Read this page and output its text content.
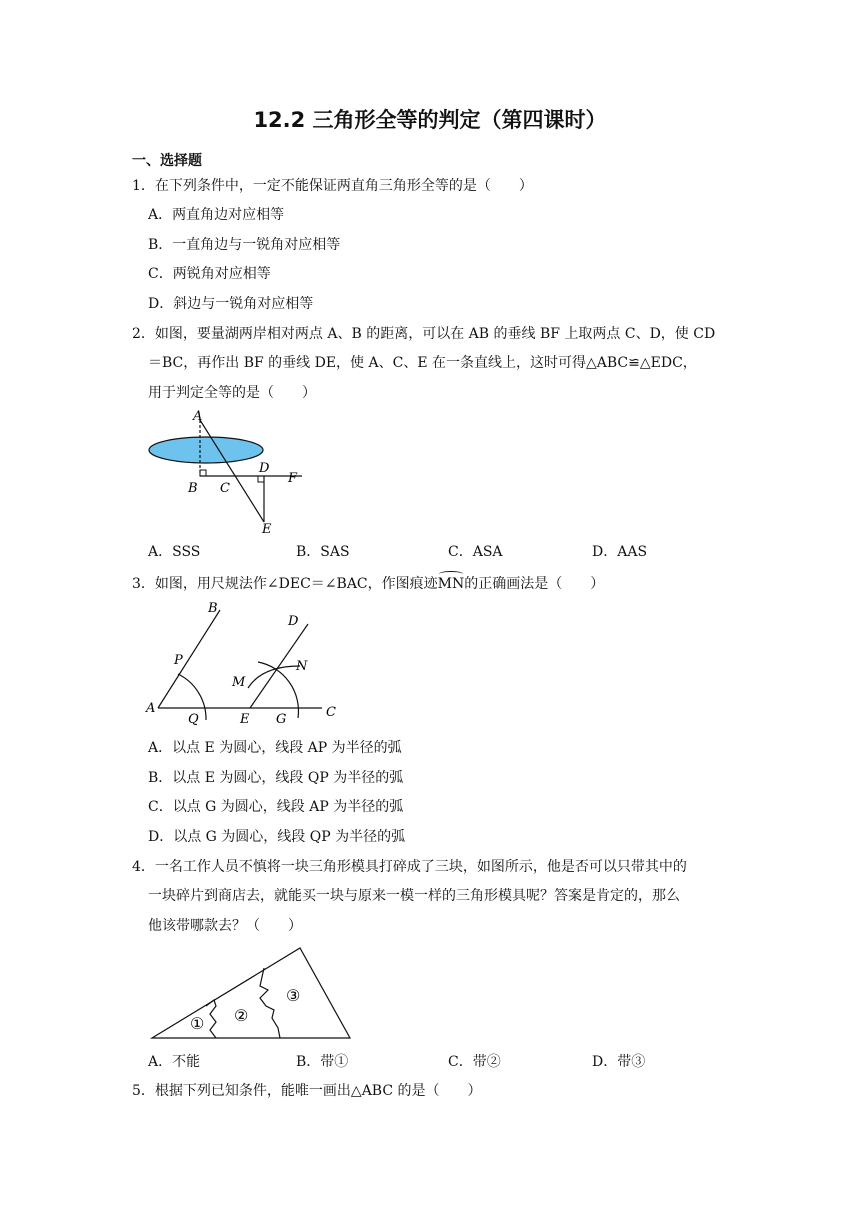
12.2 三角形全等的判定（第四课时）
一、选择题
1．在下列条件中，一定不能保证两直角三角形全等的是（　　）
A．两直角边对应相等
B．一直角边与一锐角对应相等
C．两锐角对应相等
D．斜边与一锐角对应相等
2．如图，要量湖两岸相对两点 A、B 的距离，可以在 AB 的垂线 BF 上取两点 C、D，使 CD
＝BC，再作出 BF 的垂线 DE，使 A、C、E 在一条直线上，这时可得△ABC≌△EDC，
用于判定全等的是（　　）
A
B C
D
F
E
A．SSS	B．SAS	C．ASA	D．AAS
3．如图，用尺规法作∠DEC＝∠BAC，作图痕迹
MN的正确画法是（　　）
B
P
A
Q
D
N
M
E G	C
A．以点 E 为圆心，线段 AP 为半径的弧
B．以点 E 为圆心，线段 QP 为半径的弧
C．以点 G 为圆心，线段 AP 为半径的弧
D．以点 G 为圆心，线段 QP 为半径的弧
4．一名工作人员不慎将一块三角形模具打碎成了三块，如图所示，他是否可以只带其中的
一块碎片到商店去，就能买一块与原来一模一样的三角形模具呢？答案是肯定的，那么
他该带哪款去？（　　）
① ②
③
A．不能	B．带①	C．带②	D．带③
5．根据下列已知条件，能唯一画出△ABC 的是（　　）
